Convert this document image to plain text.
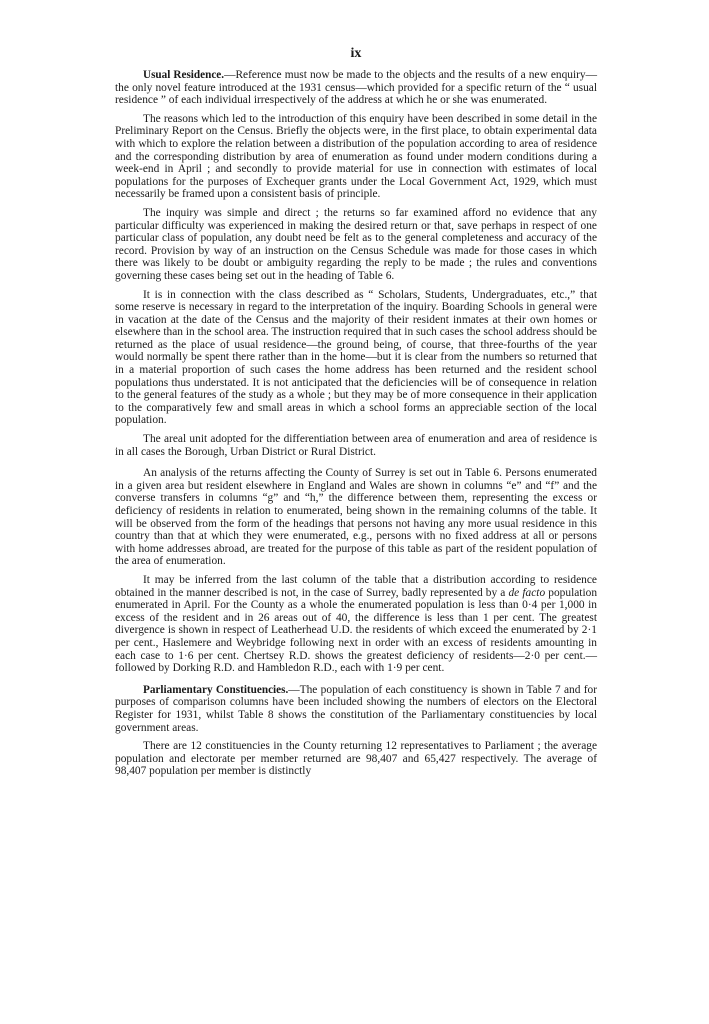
ix

Usual Residence.—Reference must now be made to the objects and the results of a new enquiry—the only novel feature introduced at the 1931 census—which provided for a specific return of the “ usual residence ” of each individual irrespectively of the address at which he or she was enumerated.

The reasons which led to the introduction of this enquiry have been described in some detail in the Preliminary Report on the Census. Briefly the objects were, in the first place, to obtain experimental data with which to explore the relation between a distribution of the population according to area of residence and the corresponding distribution by area of enumeration as found under modern conditions during a week-end in April ; and secondly to provide material for use in connection with estimates of local populations for the purposes of Exchequer grants under the Local Government Act, 1929, which must necessarily be framed upon a consistent basis of principle.

The inquiry was simple and direct ; the returns so far examined afford no evidence that any particular difficulty was experienced in making the desired return or that, save perhaps in respect of one particular class of population, any doubt need be felt as to the general completeness and accuracy of the record. Provision by way of an instruction on the Census Schedule was made for those cases in which there was likely to be doubt or ambiguity regarding the reply to be made ; the rules and conventions governing these cases being set out in the heading of Table 6.

It is in connection with the class described as “ Scholars, Students, Undergraduates, etc.,” that some reserve is necessary in regard to the interpretation of the inquiry. Boarding Schools in general were in vacation at the date of the Census and the majority of their resident inmates at their own homes or elsewhere than in the school area. The instruction required that in such cases the school address should be returned as the place of usual residence—the ground being, of course, that three-fourths of the year would normally be spent there rather than in the home—but it is clear from the numbers so returned that in a material proportion of such cases the home address has been returned and the resident school populations thus understated. It is not anticipated that the deficiencies will be of consequence in relation to the general features of the study as a whole ; but they may be of more consequence in their application to the comparatively few and small areas in which a school forms an appreciable section of the local population.

The areal unit adopted for the differentiation between area of enumeration and area of residence is in all cases the Borough, Urban District or Rural District.

An analysis of the returns affecting the County of Surrey is set out in Table 6. Persons enumerated in a given area but resident elsewhere in England and Wales are shown in columns “e” and “f” and the converse transfers in columns “g” and “h,” the difference between them, representing the excess or deficiency of residents in relation to enumerated, being shown in the remaining columns of the table. It will be observed from the form of the headings that persons not having any more usual residence in this country than that at which they were enumerated, e.g., persons with no fixed address at all or persons with home addresses abroad, are treated for the purpose of this table as part of the resident population of the area of enumeration.

It may be inferred from the last column of the table that a distribution according to residence obtained in the manner described is not, in the case of Surrey, badly represented by a de facto population enumerated in April. For the County as a whole the enumerated population is less than 0·4 per 1,000 in excess of the resident and in 26 areas out of 40, the difference is less than 1 per cent. The greatest divergence is shown in respect of Leatherhead U.D. the residents of which exceed the enumerated by 2·1 per cent., Haslemere and Weybridge following next in order with an excess of residents amounting in each case to 1·6 per cent. Chertsey R.D. shows the greatest deficiency of residents—2·0 per cent.—followed by Dorking R.D. and Hambledon R.D., each with 1·9 per cent.

Parliamentary Constituencies.—The population of each constituency is shown in Table 7 and for purposes of comparison columns have been included showing the numbers of electors on the Electoral Register for 1931, whilst Table 8 shows the constitution of the Parliamentary constituencies by local government areas.

There are 12 constituencies in the County returning 12 representatives to Parliament ; the average population and electorate per member returned are 98,407 and 65,427 respectively. The average of 98,407 population per member is distinctly
